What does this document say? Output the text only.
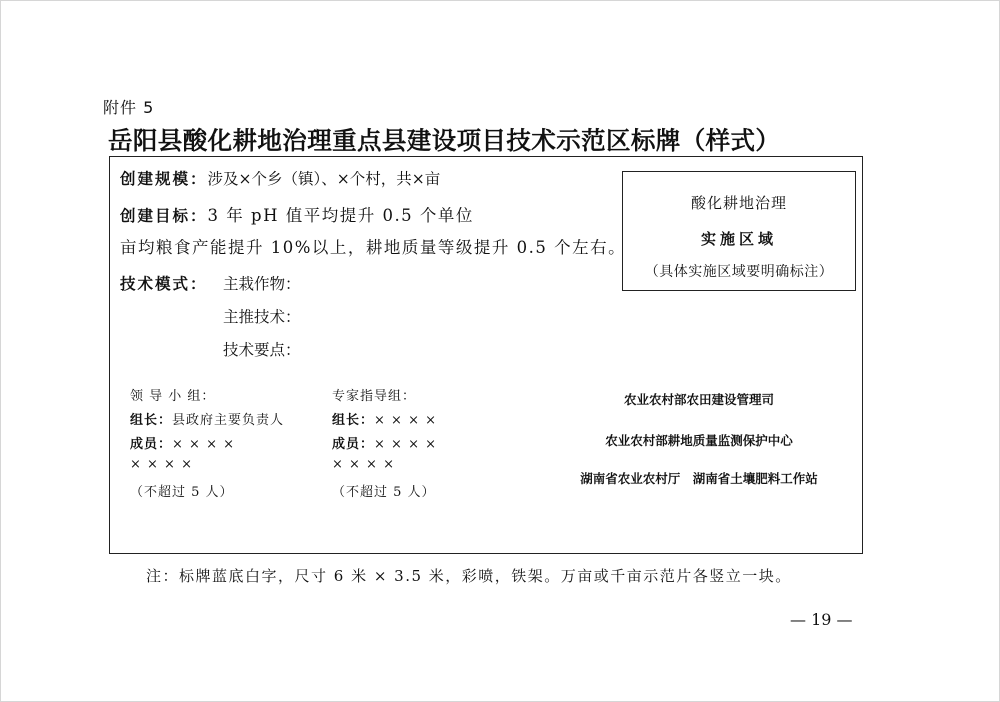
附件 5
岳阳县酸化耕地治理重点县建设项目技术示范区标牌（样式）
创建规模：涉及×个乡（镇）、×个村，共×亩
创建目标：3 年 pH 值平均提升 0.5 个单位
亩均粮食产能提升 10%以上，耕地质量等级提升 0.5 个左右。
技术模式： 主栽作物：
主推技术：
技术要点：
酸化耕地治理
实施区域
（具体实施区域要明确标注）
领 导 小 组：
组长：县政府主要负责人
成员：× × × ×
× × × ×
（不超过 5 人）
专家指导组：
组长：× × × ×
成员：× × × ×
× × × ×
（不超过 5 人）
农业农村部农田建设管理司
农业农村部耕地质量监测保护中心
湖南省农业农村厅　湖南省土壤肥料工作站
注：标牌蓝底白字，尺寸 6 米 × 3.5 米，彩喷，铁架。万亩或千亩示范片各竖立一块。
— 19 —
